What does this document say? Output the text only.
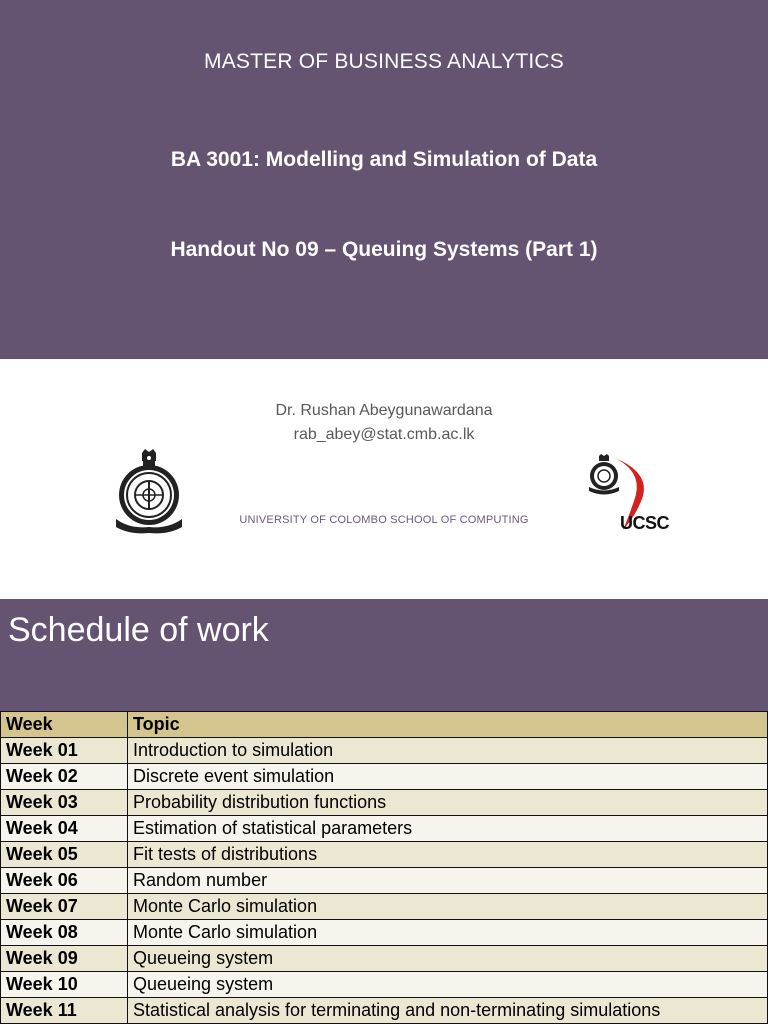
MASTER OF BUSINESS ANALYTICS
BA 3001: Modelling and Simulation of Data
Handout No 09 – Queuing Systems (Part 1)
Dr. Rushan Abeygunawardana
rab_abey@stat.cmb.ac.lk
UNIVERSITY OF COLOMBO SCHOOL OF COMPUTING	UCSC
Schedule of work
Week	Topic
Week 01	Introduction to simulation
Week 02	Discrete event simulation
Week 03	Probability distribution functions
Week 04	Estimation of statistical parameters
Week 05	Fit tests of distributions
Week 06	Random number
Week 07	Monte Carlo simulation
Week 08	Monte Carlo simulation
Week 09	Queueing system
Week 10	Queueing system
Week 11	Statistical analysis for terminating and non-terminating simulations
